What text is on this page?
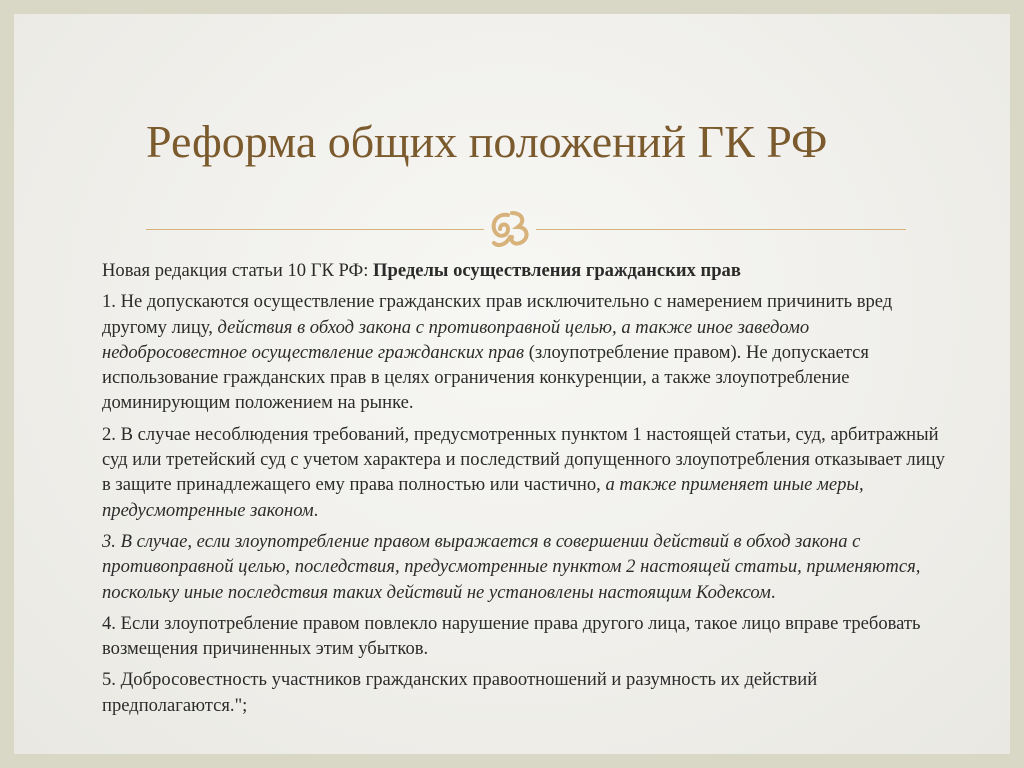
Реформа общих положений ГК РФ

Новая редакция статьи 10 ГК РФ: Пределы осуществления гражданских прав

1. Не допускаются осуществление гражданских прав исключительно с намерением причинить вред другому лицу, действия в обход закона с противоправной целью, а также иное заведомо недобросовестное осуществление гражданских прав (злоупотребление правом). Не допускается использование гражданских прав в целях ограничения конкуренции, а также злоупотребление доминирующим положением на рынке.

2. В случае несоблюдения требований, предусмотренных пунктом 1 настоящей статьи, суд, арбитражный суд или третейский суд с учетом характера и последствий допущенного злоупотребления отказывает лицу в защите принадлежащего ему права полностью или частично, а также применяет иные меры, предусмотренные законом.

3. В случае, если злоупотребление правом выражается в совершении действий в обход закона с противоправной целью, последствия, предусмотренные пунктом 2 настоящей статьи, применяются, поскольку иные последствия таких действий не установлены настоящим Кодексом.

4. Если злоупотребление правом повлекло нарушение права другого лица, такое лицо вправе требовать возмещения причиненных этим убытков.

5. Добросовестность участников гражданских правоотношений и разумность их действий предполагаются.";
